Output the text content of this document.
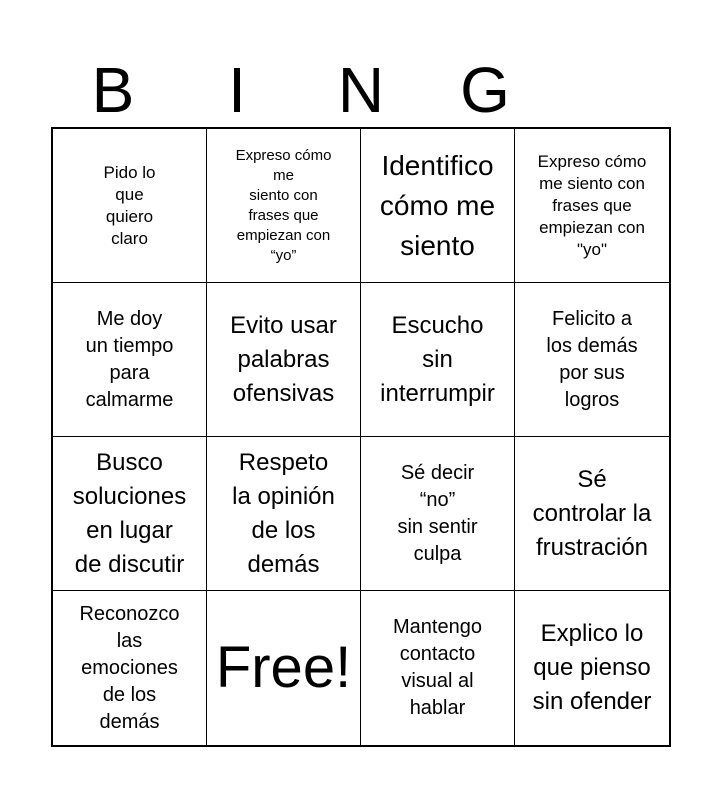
B	I	N	G
Pido lo
que
quiero
claro
Expreso cómo
me
siento con
frases que
empiezan con
“yo”
Identifico
cómo me
siento
Expreso cómo
me siento con
frases que
empiezan con
"yo"
Me doy
un tiempo
para
calmarme
Evito usar
palabras
ofensivas
Escucho
sin
interrumpir
Felicito a
los demás
por sus
logros
Busco
soluciones
en lugar
de discutir
Respeto
la opinión
de los
demás
Sé decir
“no”
sin sentir
culpa
Sé
controlar la
frustración
Reconozco
las
emociones
de los
demás
Free!
Mantengo
contacto
visual al
hablar
Explico lo
que pienso
sin ofender
